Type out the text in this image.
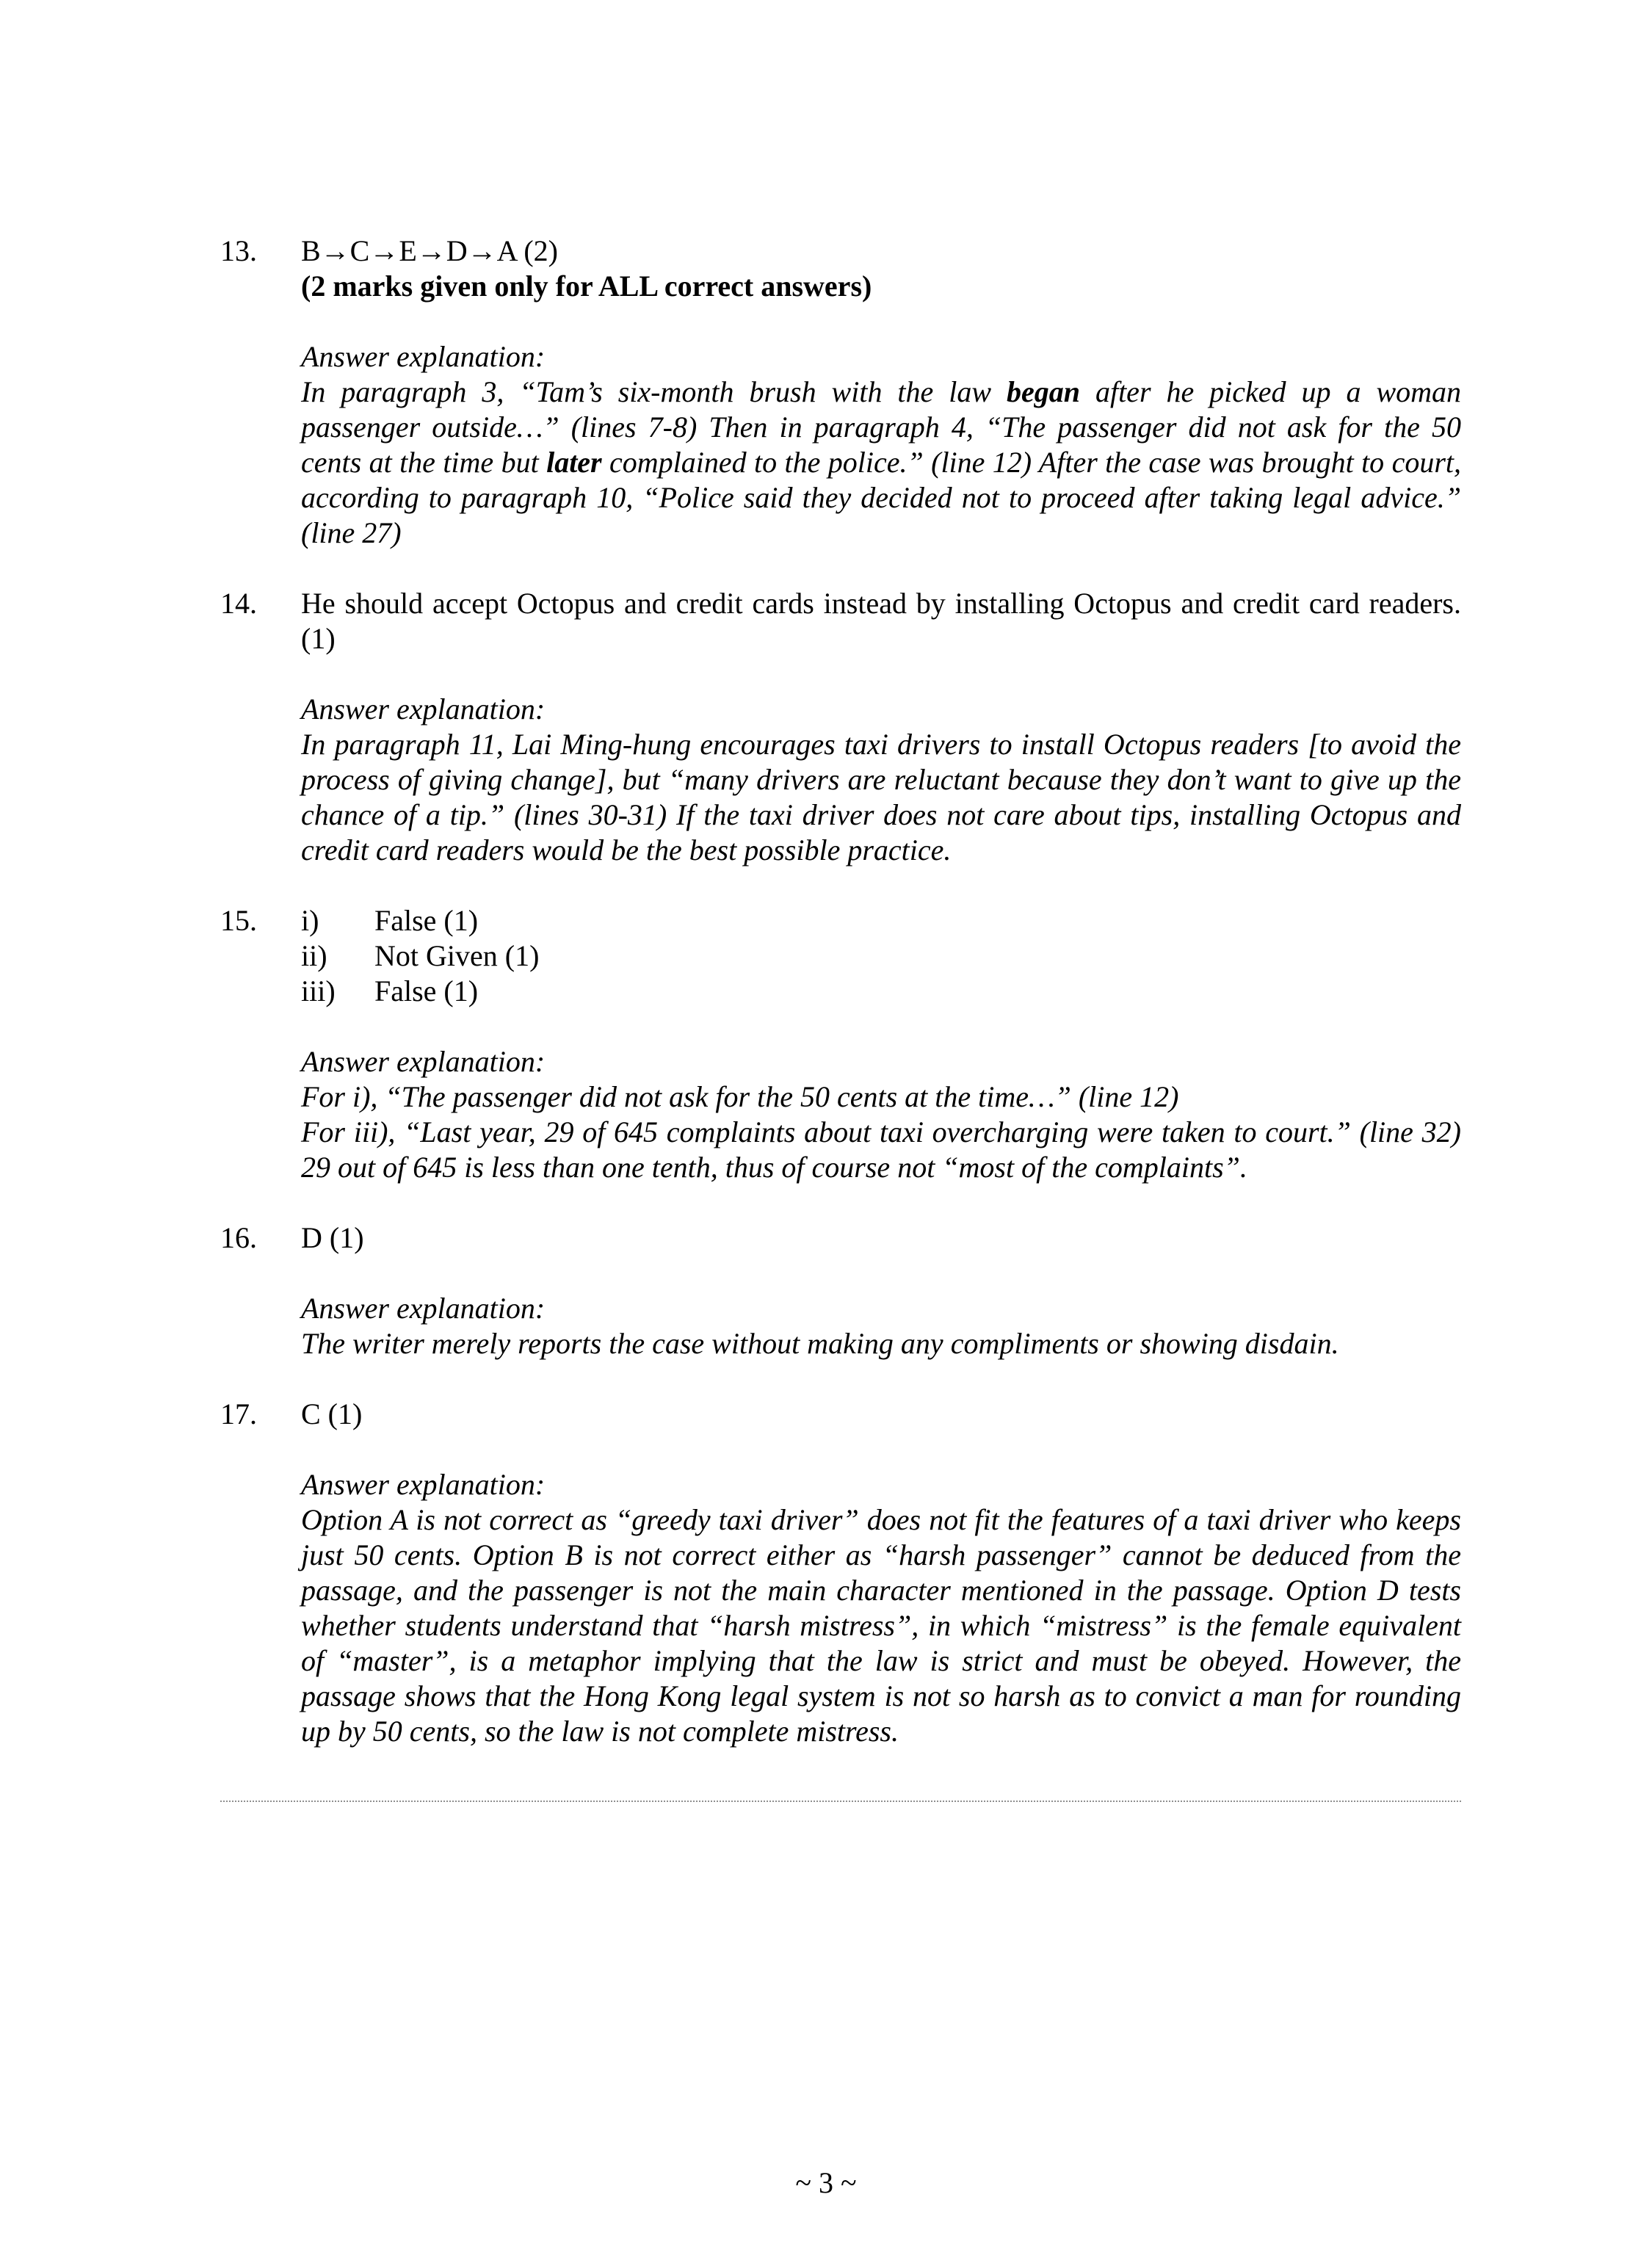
13.	B→C→E→D→A (2)

(2 marks given only for ALL correct answers)

Answer explanation:

In paragraph 3, “Tam’s six-month brush with the law began after he picked up a woman passenger outside…” (lines 7-8) Then in paragraph 4, “The passenger did not ask for the 50 cents at the time but later complained to the police.” (line 12) After the case was brought to court, according to paragraph 10, “Police said they decided not to proceed after taking legal advice.” (line 27)

14.	He should accept Octopus and credit cards instead by installing Octopus and credit card readers. (1)

Answer explanation:

In paragraph 11, Lai Ming-hung encourages taxi drivers to install Octopus readers [to avoid the process of giving change], but “many drivers are reluctant because they don’t want to give up the chance of a tip.” (lines 30-31) If the taxi driver does not care about tips, installing Octopus and credit card readers would be the best possible practice.

15.	i)	False (1)
ii)	Not Given (1)
iii)	False (1)

Answer explanation:

For i), “The passenger did not ask for the 50 cents at the time…” (line 12)

For iii), “Last year, 29 of 645 complaints about taxi overcharging were taken to court.” (line 32) 29 out of 645 is less than one tenth, thus of course not “most of the complaints”.

16.	D (1)

Answer explanation:

The writer merely reports the case without making any compliments or showing disdain.

17.	C (1)

Answer explanation:

Option A is not correct as “greedy taxi driver” does not fit the features of a taxi driver who keeps just 50 cents. Option B is not correct either as “harsh passenger” cannot be deduced from the passage, and the passenger is not the main character mentioned in the passage. Option D tests whether students understand that “harsh mistress”, in which “mistress” is the female equivalent of “master”, is a metaphor implying that the law is strict and must be obeyed. However, the passage shows that the Hong Kong legal system is not so harsh as to convict a man for rounding up by 50 cents, so the law is not complete mistress.

~ 3 ~
